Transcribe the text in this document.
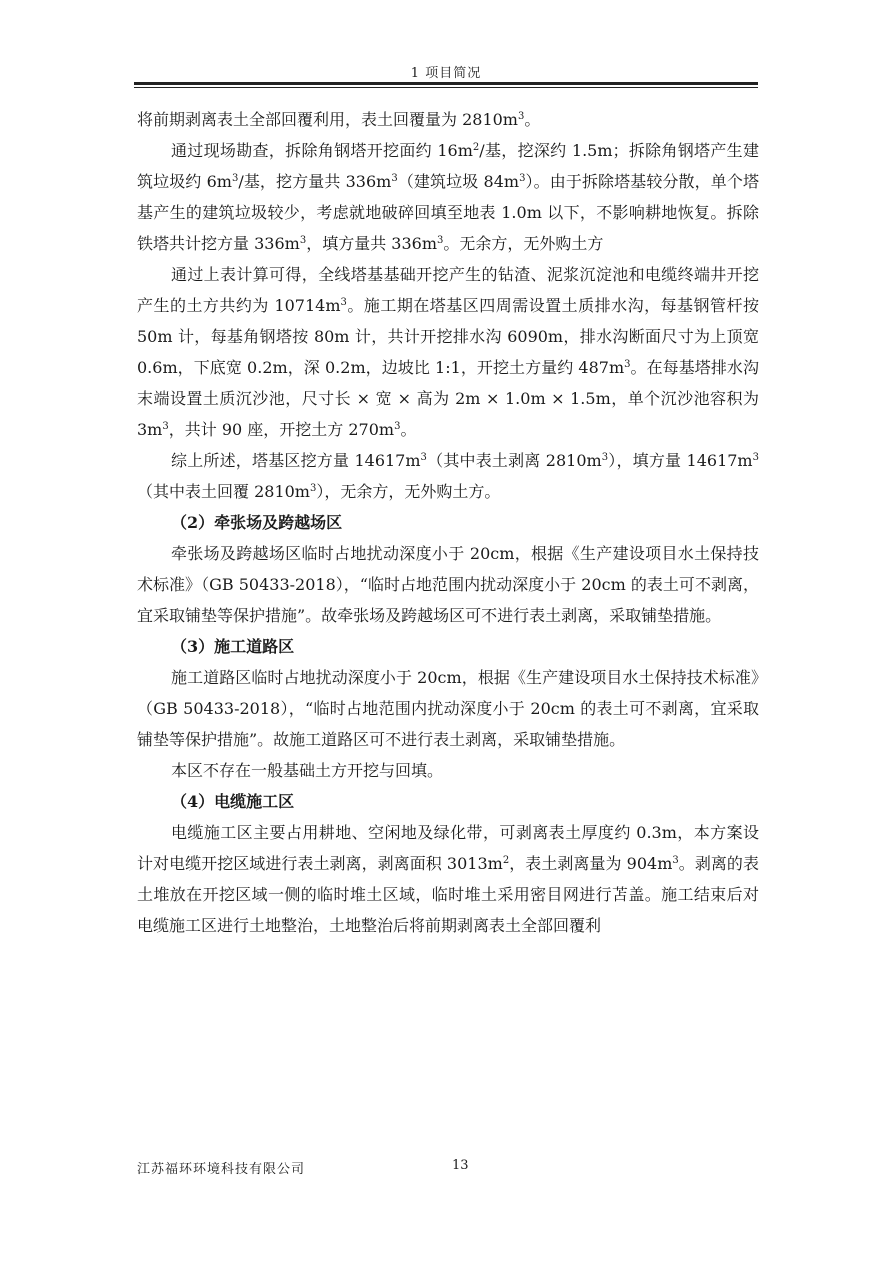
1 项目简况

将前期剥离表土全部回覆利用，表土回覆量为 $2810m^3$。

通过现场勘查，拆除角钢塔开挖面约 $16m^2/$基，挖深约 1.5m；拆除角钢塔产生建筑垃圾约 $6m^3/$基，挖方量共 $336m^3$（建筑垃圾 $84m^3$）。由于拆除塔基较分散，单个塔基产生的建筑垃圾较少，考虑就地破碎回填至地表 1.0m 以下，不影响耕地恢复。拆除铁塔共计挖方量 $336m^3$，填方量共 $336m^3$。无余方，无外购土方

通过上表计算可得，全线塔基基础开挖产生的钻渣、泥浆沉淀池和电缆终端井开挖产生的土方共约为 $10714m^3$。施工期在塔基区四周需设置土质排水沟，每基钢管杆按 50m 计，每基角钢塔按 80m 计，共计开挖排水沟 6090m，排水沟断面尺寸为上顶宽 0.6m，下底宽 0.2m，深 0.2m，边坡比 1:1，开挖土方量约 $487m^3$。在每基塔排水沟末端设置土质沉沙池，尺寸长 × 宽 × 高为 2m × 1.0m × 1.5m，单个沉沙池容积为 $3m^3$，共计 90 座，开挖土方 $270m^3$。

综上所述，塔基区挖方量 $14617m^3$（其中表土剥离 $2810m^3$），填方量 $14617m^3$（其中表土回覆 $2810m^3$），无余方，无外购土方。

（2）牵张场及跨越场区

牵张场及跨越场区临时占地扰动深度小于 20cm，根据《生产建设项目水土保持技术标准》（GB 50433-2018），“临时占地范围内扰动深度小于 20cm 的表土可不剥离，宜采取铺垫等保护措施”。故牵张场及跨越场区可不进行表土剥离，采取铺垫措施。

（3）施工道路区

施工道路区临时占地扰动深度小于 20cm，根据《生产建设项目水土保持技术标准》（GB 50433-2018），“临时占地范围内扰动深度小于 20cm 的表土可不剥离，宜采取铺垫等保护措施”。故施工道路区可不进行表土剥离，采取铺垫措施。

本区不存在一般基础土方开挖与回填。

（4）电缆施工区

电缆施工区主要占用耕地、空闲地及绿化带，可剥离表土厚度约 0.3m，本方案设计对电缆开挖区域进行表土剥离，剥离面积 $3013m^2$，表土剥离量为 $904m^3$。剥离的表土堆放在开挖区域一侧的临时堆土区域，临时堆土采用密目网进行苫盖。施工结束后对电缆施工区进行土地整治，土地整治后将前期剥离表土全部回覆利

江苏福环环境科技有限公司	13
